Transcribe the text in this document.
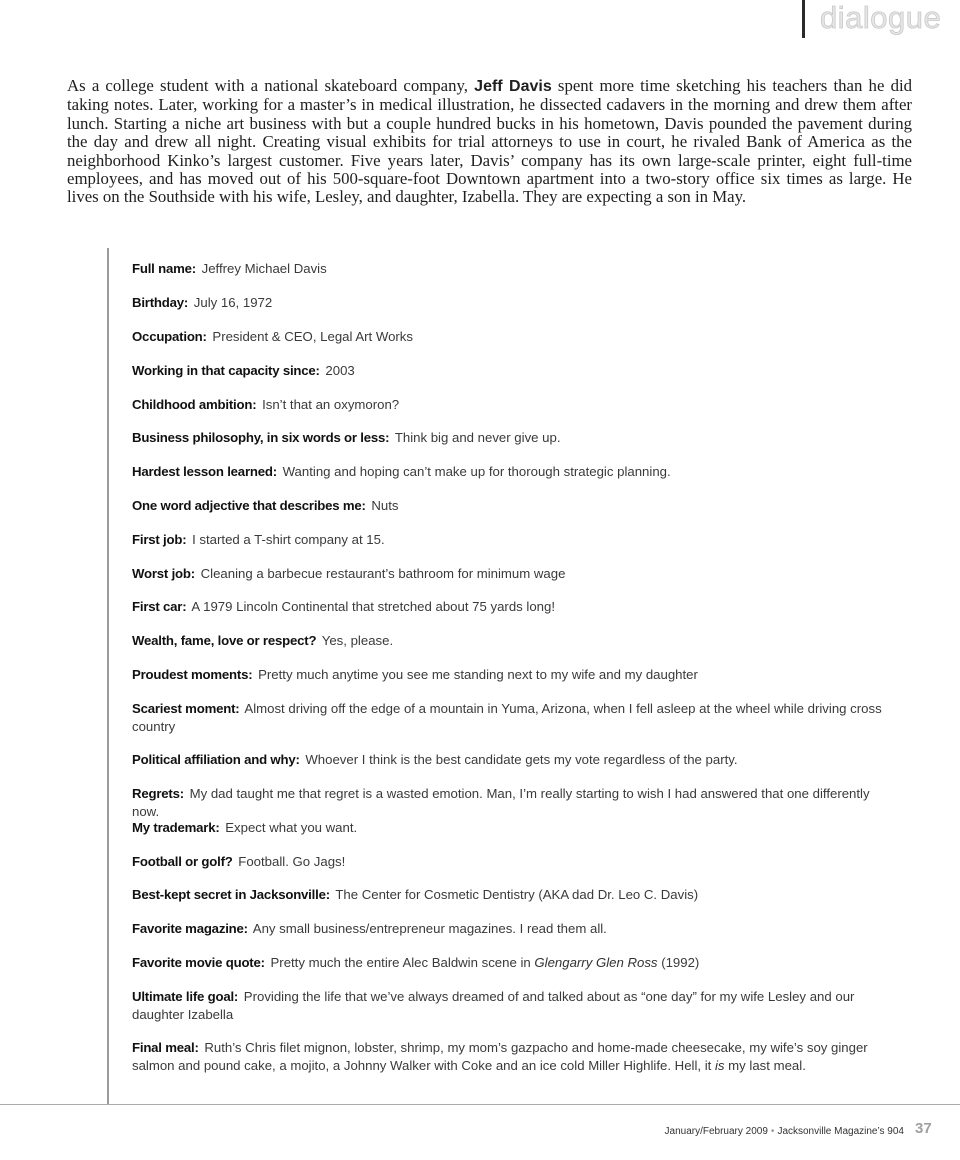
dialogue

As a college student with a national skateboard company, Jeff Davis spent more time sketching his teachers than he did taking notes. Later, working for a master’s in medical illustration, he dissected cadavers in the morning and drew them after lunch. Starting a niche art business with but a couple hundred bucks in his hometown, Davis pounded the pavement during the day and drew all night. Creating visual exhibits for trial attorneys to use in court, he rivaled Bank of America as the neighborhood Kinko’s largest customer. Five years later, Davis’ company has its own large-scale printer, eight full-time employees, and has moved out of his 500-square-foot Downtown apartment into a two-story office six times as large. He lives on the Southside with his wife, Lesley, and daughter, Izabella. They are expecting a son in May.

Full name: Jeffrey Michael Davis
Birthday: July 16, 1972
Occupation: President & CEO, Legal Art Works
Working in that capacity since: 2003
Childhood ambition: Isn’t that an oxymoron?
Business philosophy, in six words or less: Think big and never give up.
Hardest lesson learned: Wanting and hoping can’t make up for thorough strategic planning.
One word adjective that describes me: Nuts
First job: I started a T-shirt company at 15.
Worst job: Cleaning a barbecue restaurant’s bathroom for minimum wage
First car: A 1979 Lincoln Continental that stretched about 75 yards long!
Wealth, fame, love or respect? Yes, please.
Proudest moments: Pretty much anytime you see me standing next to my wife and my daughter
Scariest moment: Almost driving off the edge of a mountain in Yuma, Arizona, when I fell asleep at the wheel while driving cross country
Political affiliation and why: Whoever I think is the best candidate gets my vote regardless of the party.
Regrets: My dad taught me that regret is a wasted emotion. Man, I’m really starting to wish I had answered that one differently now.
My trademark: Expect what you want.
Football or golf? Football. Go Jags!
Best-kept secret in Jacksonville: The Center for Cosmetic Dentistry (AKA dad Dr. Leo C. Davis)
Favorite magazine: Any small business/entrepreneur magazines. I read them all.
Favorite movie quote: Pretty much the entire Alec Baldwin scene in Glengarry Glen Ross (1992)
Ultimate life goal: Providing the life that we’ve always dreamed of and talked about as “one day” for my wife Lesley and our daughter Izabella
Final meal: Ruth’s Chris filet mignon, lobster, shrimp, my mom’s gazpacho and home-made cheesecake, my wife’s soy ginger salmon and pound cake, a mojito, a Johnny Walker with Coke and an ice cold Miller Highlife. Hell, it is my last meal.
January/February 2009 • Jacksonville Magazine’s 904 37
